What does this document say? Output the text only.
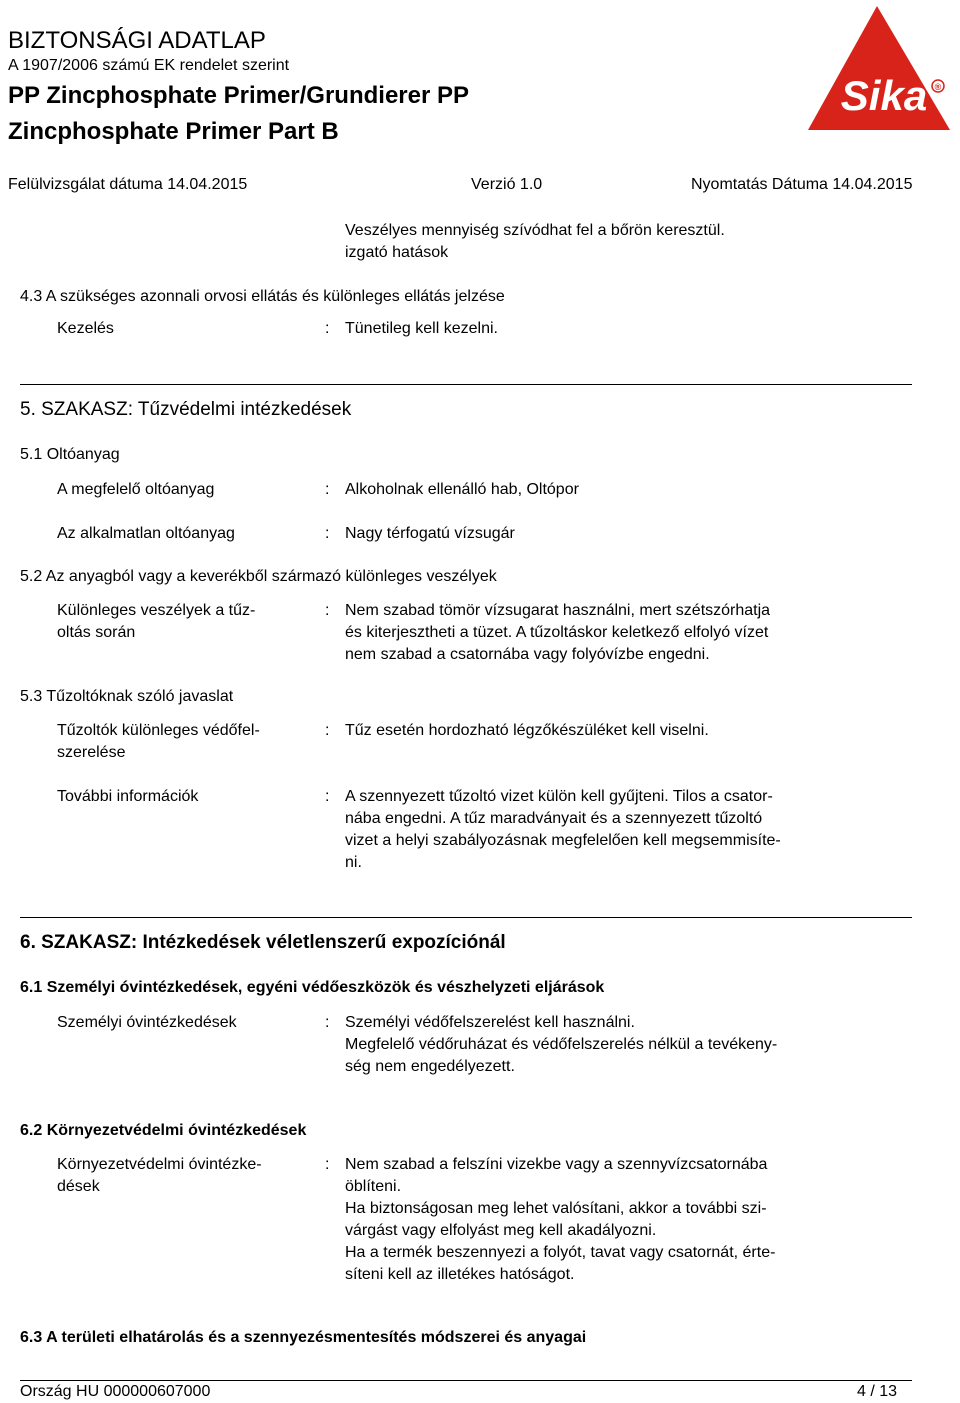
BIZTONSÁGI ADATLAP
A 1907/2006 számú EK rendelet szerint
PP Zincphosphate Primer/Grundierer PP
Zincphosphate Primer Part B
Felülvizsgálat dátuma 14.04.2015	Verzió 1.0	Nyomtatás Dátuma 14.04.2015
Sika ®
Veszélyes mennyiség szívódhat fel a bőrön keresztül.
izgató hatások
4.3 A szükséges azonnali orvosi ellátás és különleges ellátás jelzése
Kezelés	: Tünetileg kell kezelni.
5. SZAKASZ: Tűzvédelmi intézkedések
5.1 Oltóanyag
A megfelelő oltóanyag	: Alkoholnak ellenálló hab, Oltópor
Az alkalmatlan oltóanyag	: Nagy térfogatú vízsugár
5.2 Az anyagból vagy a keverékből származó különleges veszélyek
Különleges veszélyek a tűz-
oltás során
: Nem szabad tömör vízsugarat használni, mert szétszórhatja
és kiterjesztheti a tüzet. A tűzoltáskor keletkező elfolyó vízet
nem szabad a csatornába vagy folyóvízbe engedni.
5.3 Tűzoltóknak szóló javaslat
Tűzoltók különleges védőfel-
szerelése
: Tűz esetén hordozható légzőkészüléket kell viselni.
További információk	: A szennyezett tűzoltó vizet külön kell gyűjteni. Tilos a csator-
nába engedni. A tűz maradványait és a szennyezett tűzoltó
vizet a helyi szabályozásnak megfelelően kell megsemmisíte-
ni.
6. SZAKASZ: Intézkedések véletlenszerű expozíciónál
6.1 Személyi óvintézkedések, egyéni védőeszközök és vészhelyzeti eljárások
Személyi óvintézkedések	: Személyi védőfelszerelést kell használni.
Megfelelő védőruházat és védőfelszerelés nélkül a tevékeny-
ség nem engedélyezett.
6.2 Környezetvédelmi óvintézkedések
Környezetvédelmi óvintézke-
dések
: Nem szabad a felszíni vizekbe vagy a szennyvízcsatornába
öblíteni.
Ha biztonságosan meg lehet valósítani, akkor a további szi-
várgást vagy elfolyást meg kell akadályozni.
Ha a termék beszennyezi a folyót, tavat vagy csatornát, érte-
síteni kell az illetékes hatóságot.
6.3 A területi elhatárolás és a szennyezésmentesítés módszerei és anyagai
Ország HU 000000607000	4 / 13
